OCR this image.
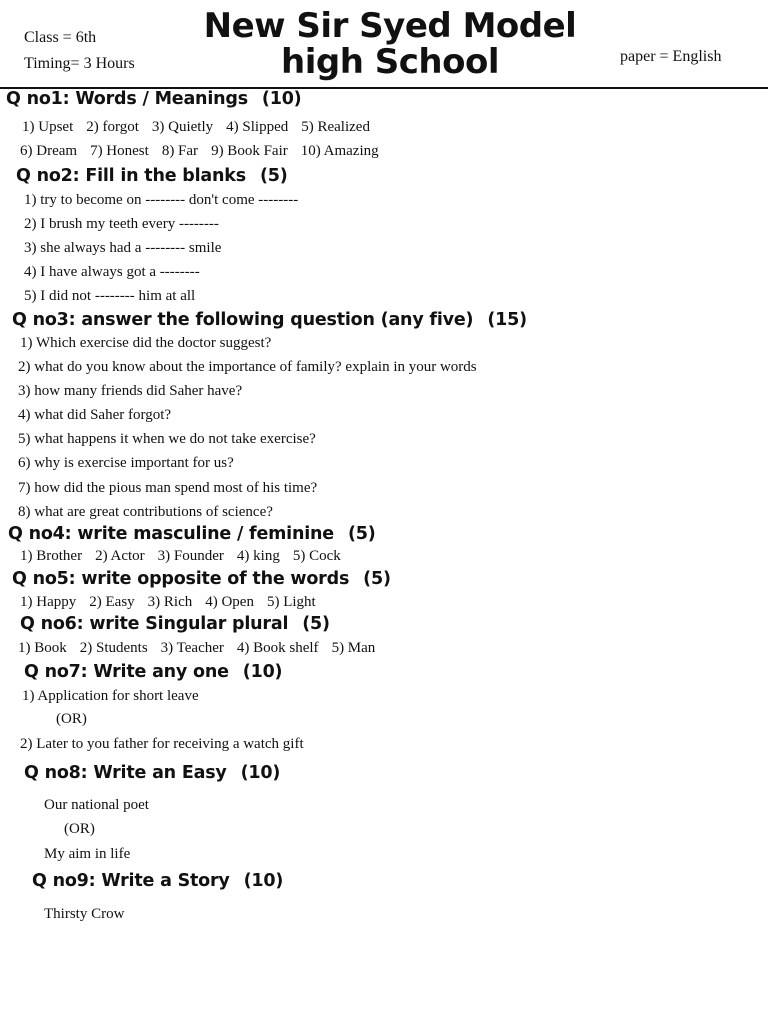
Class = 6th
Timing= 3 Hours
New Sir Syed Model
high School	paper = English
Q no1: Words / Meanings (10)
1) Upset 2) forgot 3) Quietly 4) Slipped 5) Realized
6) Dream 7) Honest 8) Far 9) Book Fair 10) Amazing
Q no2: Fill in the blanks (5)
1) try to become on -------- don't come --------
2) I brush my teeth every --------
3) she always had a -------- smile
4) I have always got a --------
5) I did not -------- him at all
Q no3: answer the following question (any five) (15)
1) Which exercise did the doctor suggest?
2) what do you know about the importance of family? explain in your words
3) how many friends did Saher have?
4) what did Saher forgot?
5) what happens it when we do not take exercise?
6) why is exercise important for us?
7) how did the pious man spend most of his time?
8) what are great contributions of science?
Q no4: write masculine / feminine (5)
1) Brother 2) Actor 3) Founder 4) king 5) Cock
Q no5: write opposite of the words (5)
1) Happy 2) Easy 3) Rich 4) Open 5) Light
Q no6: write Singular plural (5)
1) Book 2) Students 3) Teacher 4) Book shelf 5) Man
Q no7: Write any one (10)
1) Application for short leave
(OR)
2) Later to you father for receiving a watch gift
Q no8: Write an Easy (10)
Our national poet
(OR)
My aim in life
Q no9: Write a Story (10)
Thirsty Crow
